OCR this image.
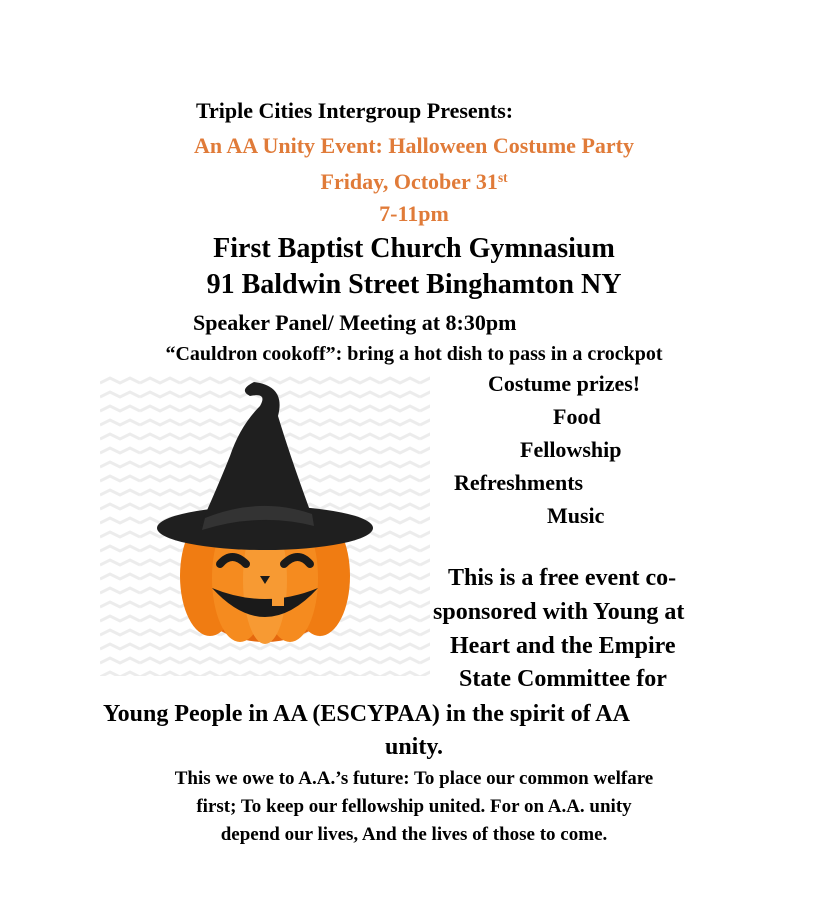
Triple Cities Intergroup Presents:
An AA Unity Event: Halloween Costume Party
Friday, October 31st
7-11pm
First Baptist Church Gymnasium
91 Baldwin Street Binghamton NY
Speaker Panel/ Meeting at 8:30pm
“Cauldron cookoff”: bring a hot dish to pass in a crockpot
Costume prizes!
Food
Fellowship
Refreshments
Music
This is a free event co-
sponsored with Young at
Heart and the Empire
State Committee for
Young People in AA (ESCYPAA) in the spirit of AA
unity.
This we owe to A.A.’s future: To place our common welfare
first; To keep our fellowship united. For on A.A. unity
depend our lives, And the lives of those to come.
